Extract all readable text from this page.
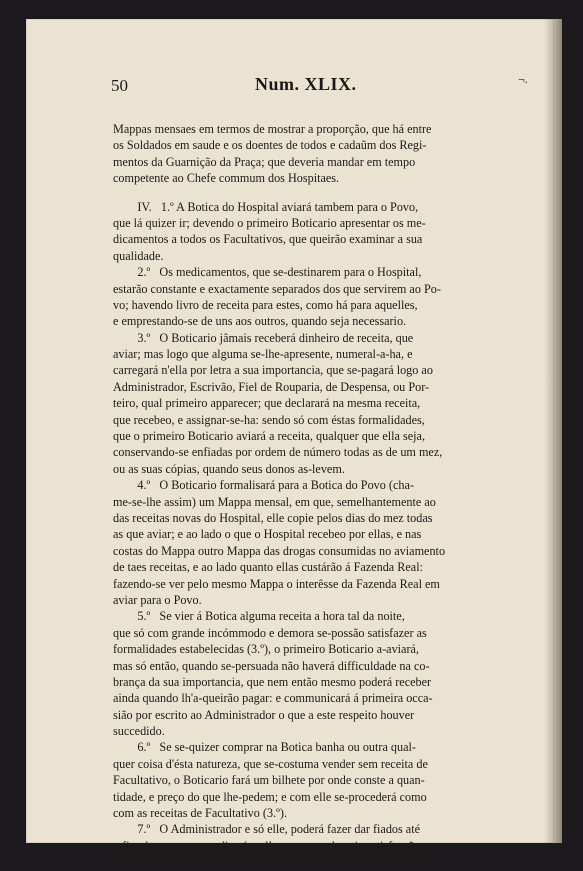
50	Num. XLIX.	¬.
Mappas mensaes em termos de mostrar a proporção, que há entre
os Soldados em saude e os doentes de todos e cadaũm dos Regi-
mentos da Guarnição da Praça; que deveria mandar em tempo
competente ao Chefe commum dos Hospitaes.
IV.   1.º A Botica do Hospital aviará tambem para o Povo,
que lá quizer ir; devendo o primeiro Boticario apresentar os me-
dicamentos a todos os Facultativos, que queirão examinar a sua
qualidade.
2.º   Os medicamentos, que se-destinarem para o Hospital,
estarão constante e exactamente separados dos que servirem ao Po-
vo; havendo livro de receita para estes, como há para aquelles,
e emprestando-se de uns aos outros, quando seja necessario.
3.º   O Boticario jâmais receberá dinheiro de receita, que
aviar; mas logo que alguma se-lhe-apresente, numeral-a-ha, e
carregará n'ella por letra a sua importancia, que se-pagará logo ao
Administrador, Escrivão, Fiel de Rouparia, de Despensa, ou Por-
teiro, qual primeiro apparecer; que declarará na mesma receita,
que recebeo, e assignar-se-ha: sendo só com éstas formalidades,
que o primeiro Boticario aviará a receita, qualquer que ella seja,
conservando-se enfiadas por ordem de número todas as de um mez,
ou as suas cópias, quando seus donos as-levem.
4.º   O Boticario formalisará para a Botica do Povo (cha-
me-se-lhe assim) um Mappa mensal, em que, semelhantemente ao
das receitas novas do Hospital, elle copie pelos dias do mez todas
as que aviar; e ao lado o que o Hospital recebeo por ellas, e nas
costas do Mappa outro Mappa das drogas consumidas no aviamento
de taes receitas, e ao lado quanto ellas custárão á Fazenda Real:
fazendo-se ver pelo mesmo Mappa o interêsse da Fazenda Real em
aviar para o Povo.
5.º   Se vier á Botica alguma receita a hora tal da noite,
que só com grande incómmodo e demora se-possão satisfazer as
formalidades estabelecidas (3.º), o primeiro Boticario a-aviará,
mas só então, quando se-persuada não haverá difficuldade na co-
brança da sua importancia, que nem então mesmo poderá receber
ainda quando lh'a-queirão pagar: e communicará á primeira occa-
sião por escrito ao Administrador o que a este respeito houver
succedido.
6.º   Se se-quizer comprar na Botica banha ou outra qual-
quer coisa d'ésta natureza, que se-costuma vender sem receita de
Facultativo, o Boticario fará um bilhete por onde conste a quan-
tidade, e preço do que lhe-pedem; e com elle se-procederá como
com as receitas de Facultativo (3.º).
7.º   O Administrador e só elle, poderá fazer dar fiados até
o fim do mez os remedios áquellas pessoas, de cuja satisfacção ne-
nhuma dúvida possa haver a final, porém nem elle mesmo deixa-
